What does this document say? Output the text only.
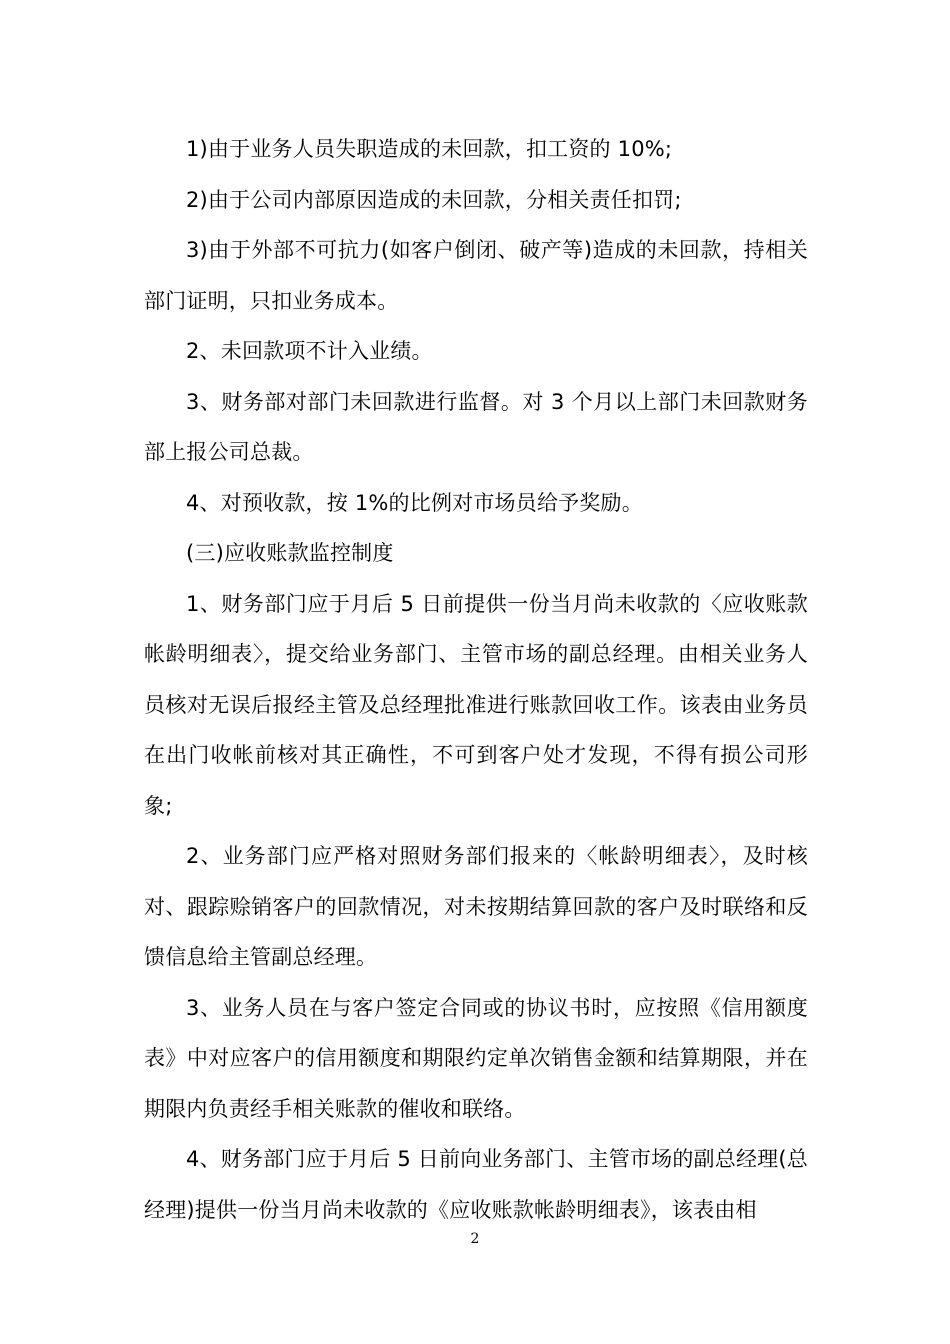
1)由于业务人员失职造成的未回款，扣工资的 10%;

2)由于公司内部原因造成的未回款，分相关责任扣罚;

3)由于外部不可抗力(如客户倒闭、破产等)造成的未回款，持相关部门证明，只扣业务成本。

2、未回款项不计入业绩。

3、财务部对部门未回款进行监督。对 3 个月以上部门未回款财务部上报公司总裁。

4、对预收款，按 1%的比例对市场员给予奖励。

(三)应收账款监控制度

1、财务部门应于月后 5 日前提供一份当月尚未收款的〈应收账款帐龄明细表〉，提交给业务部门、主管市场的副总经理。由相关业务人员核对无误后报经主管及总经理批准进行账款回收工作。该表由业务员在出门收帐前核对其正确性，不可到客户处才发现，不得有损公司形象;

2、业务部门应严格对照财务部们报来的〈帐龄明细表〉，及时核对、跟踪赊销客户的回款情况，对未按期结算回款的客户及时联络和反馈信息给主管副总经理。

3、业务人员在与客户签定合同或的协议书时，应按照《信用额度表》中对应客户的信用额度和期限约定单次销售金额和结算期限，并在期限内负责经手相关账款的催收和联络。

4、财务部门应于月后 5 日前向业务部门、主管市场的副总经理(总经理)提供一份当月尚未收款的《应收账款帐龄明细表》，该表由相

2
